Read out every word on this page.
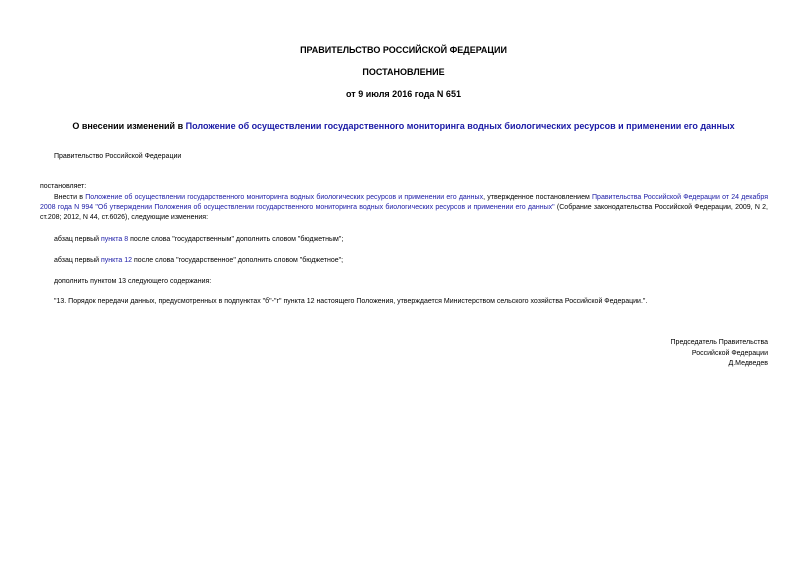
ПРАВИТЕЛЬСТВО РОССИЙСКОЙ ФЕДЕРАЦИИ
ПОСТАНОВЛЕНИЕ
от 9 июля 2016 года N 651
О внесении изменений в Положение об осуществлении государственного мониторинга водных биологических ресурсов и применении его данных
Правительство Российской Федерации
постановляет:
Внести в Положение об осуществлении государственного мониторинга водных биологических ресурсов и применении его данных, утвержденное постановлением Правительства Российской Федерации от 24 декабря 2008 года N 994 "Об утверждении Положения об осуществлении государственного мониторинга водных биологических ресурсов и применении его данных" (Собрание законодательства Российской Федерации, 2009, N 2, ст.208; 2012, N 44, ст.6026), следующие изменения:
абзац первый пункта 8 после слова "государственным" дополнить словом "бюджетным";
абзац первый пункта 12 после слова "государственное" дополнить словом "бюджетное";
дополнить пунктом 13 следующего содержания:
"13. Порядок передачи данных, предусмотренных в подпунктах "б"-"г" пункта 12 настоящего Положения, утверждается Министерством сельского хозяйства Российской Федерации.".
Председатель Правительства
Российской Федерации
Д.Медведев
